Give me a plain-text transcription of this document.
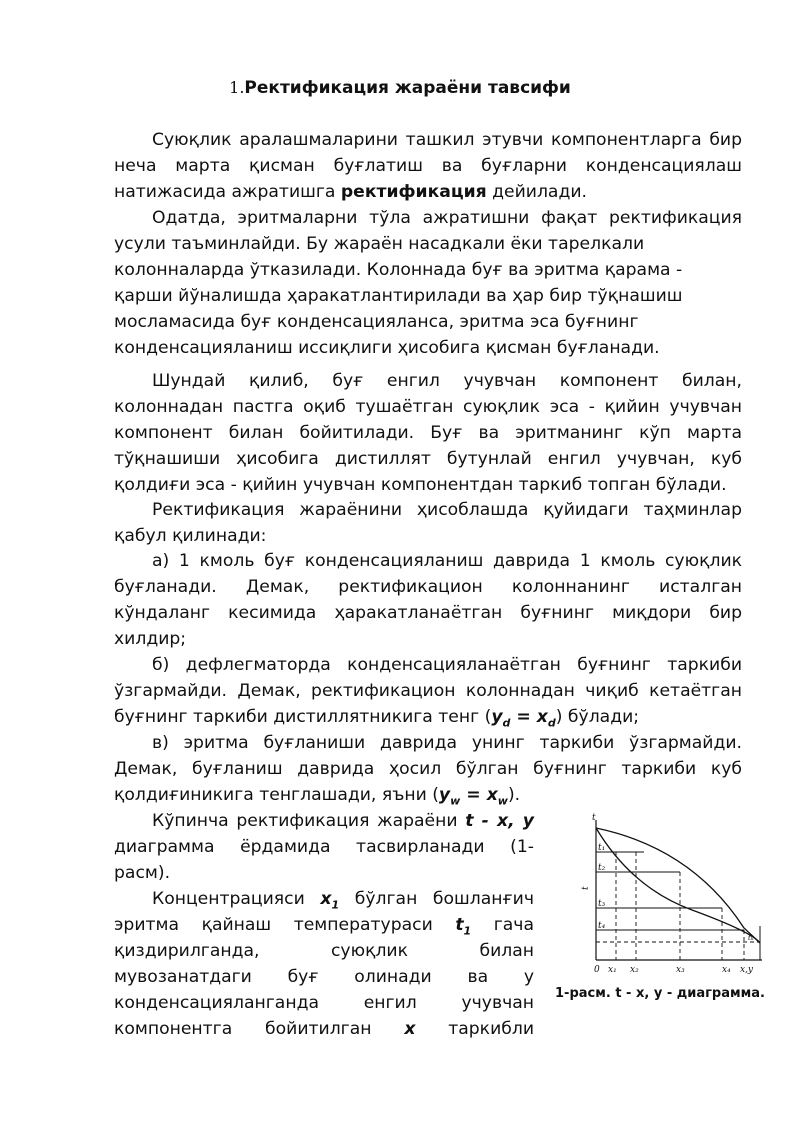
1.Ректификация жараёни тавсифи
Суюқлик аралашмаларини ташкил этувчи компонентларга бир
неча марта қисман буғлатиш ва буғларни конденсациялаш
натижасида ажратишга ректификация дейилади.
Одатда, эритмаларни тўла ажратишни фақат ректификация
усули таъминлайди. Бу жараён насадкали ёки тарелкали
колонналарда ўтказилади. Колоннада буғ ва эритма қарама -
қарши йўналишда ҳаракатлантирилади ва ҳар бир тўқнашиш
мосламасида буғ конденсацияланса, эритма эса буғнинг
конденсацияланиш иссиқлиги ҳисобига қисман буғланади.
Шундай қилиб, буғ енгил учувчан компонент билан,
колоннадан пастга оқиб тушаётган суюқлик эса - қийин учувчан
компонент билан бойитилади. Буғ ва эритманинг кўп марта
тўқнашиши ҳисобига дистиллят бутунлай енгил учувчан, куб
қолдиғи эса - қийин учувчан компонентдан таркиб топган бўлади.
Ректификация жараёнини ҳисоблашда қуйидаги таҳминлар
қабул қилинади:
а) 1 кмоль буғ конденсацияланиш даврида 1 кмоль суюқлик
буғланади. Демак, ректификацион колоннанинг исталган
кўндаланг кесимида ҳаракатланаётган буғнинг миқдори бир
хилдир;
б) дефлегматорда конденсацияланаётган буғнинг таркиби
ўзгармайди. Демак, ректификацион колоннадан чиқиб кетаётган
буғнинг таркиби дистиллятникига тенг $(y_d = x_d)$ бўлади;
в) эритма буғланиши даврида унинг таркиби ўзгармайди.
Демак, буғланиш даврида ҳосил бўлган буғнинг таркиби куб
қолдиғиникига тенглашади, яъни $(y_w = x_w)$.
Кўпинча ректификация жараёни t - x, y
диаграмма ёрдамида тасвирланади (1-
расм).
Концентрацияси $x_1$ бўлган бошланғич
эритма қайнаш температураси $t_1$ гача
қиздирилганда, суюқлик билан
мувозанатдаги буғ олинади ва у
конденсацияланганда енгил учувчан
компонентга бойитилган x таркибли
t
t₁
t₂
t₃
t₄
t
tₖ
0 x₁ x₂	x₃	x₄ x,y
1-расм. t - x, y - диаграмма.
